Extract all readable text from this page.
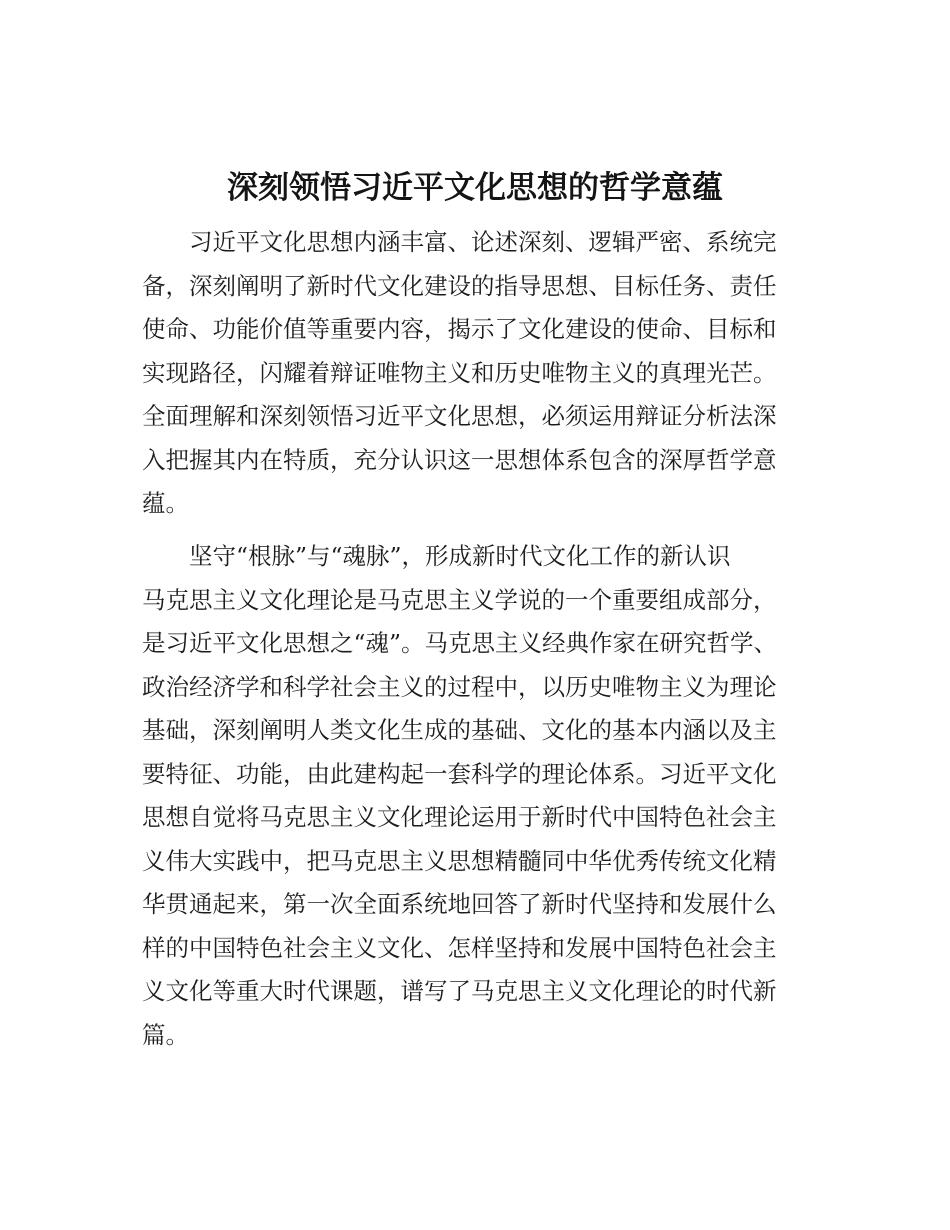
深刻领悟习近平文化思想的哲学意蕴
习近平文化思想内涵丰富、论述深刻、逻辑严密、系统完
备，深刻阐明了新时代文化建设的指导思想、目标任务、责任
使命、功能价值等重要内容，揭示了文化建设的使命、目标和
实现路径，闪耀着辩证唯物主义和历史唯物主义的真理光芒。
全面理解和深刻领悟习近平文化思想，必须运用辩证分析法深
入把握其内在特质，充分认识这一思想体系包含的深厚哲学意
蕴。
坚守“根脉”与“魂脉”，形成新时代文化工作的新认识
马克思主义文化理论是马克思主义学说的一个重要组成部分，
是习近平文化思想之“魂”。马克思主义经典作家在研究哲学、
政治经济学和科学社会主义的过程中，以历史唯物主义为理论
基础，深刻阐明人类文化生成的基础、文化的基本内涵以及主
要特征、功能，由此建构起一套科学的理论体系。习近平文化
思想自觉将马克思主义文化理论运用于新时代中国特色社会主
义伟大实践中，把马克思主义思想精髓同中华优秀传统文化精
华贯通起来，第一次全面系统地回答了新时代坚持和发展什么
样的中国特色社会主义文化、怎样坚持和发展中国特色社会主
义文化等重大时代课题，谱写了马克思主义文化理论的时代新
篇。
